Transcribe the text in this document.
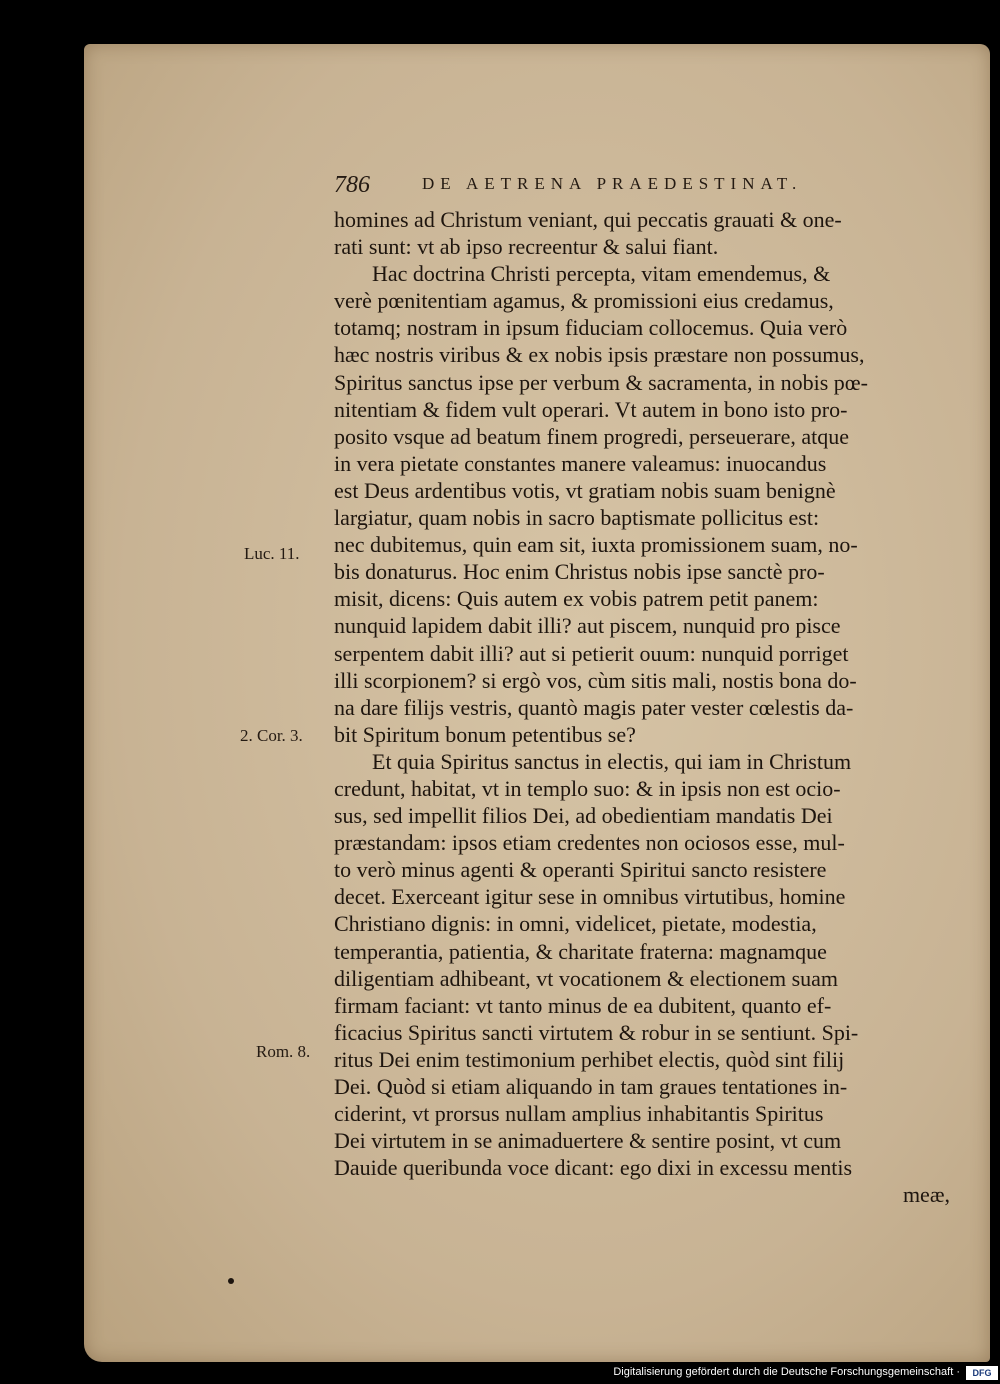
786	DE AETRENA PRAEDESTINAT.
Luc. 11.
2. Cor. 3.
Rom. 8.
homines ad Christum veniant, qui peccatis grauati & one-
rati sunt: vt ab ipso recreentur & salui fiant.
Hac doctrina Christi percepta, vitam emendemus, &
verè pœnitentiam agamus, & promissioni eius credamus,
totamq; nostram in ipsum fiduciam collocemus. Quia verò
hæc nostris viribus & ex nobis ipsis præstare non possumus,
Spiritus sanctus ipse per verbum & sacramenta, in nobis pœ-
nitentiam & fidem vult operari. Vt autem in bono isto pro-
posito vsque ad beatum finem progredi, perseuerare, atque
in vera pietate constantes manere valeamus: inuocandus
est Deus ardentibus votis, vt gratiam nobis suam benignè
largiatur, quam nobis in sacro baptismate pollicitus est:
nec dubitemus, quin eam sit, iuxta promissionem suam, no-
bis donaturus. Hoc enim Christus nobis ipse sanctè pro-
misit, dicens: Quis autem ex vobis patrem petit panem:
nunquid lapidem dabit illi? aut piscem, nunquid pro pisce
serpentem dabit illi? aut si petierit ouum: nunquid porriget
illi scorpionem? si ergò vos, cùm sitis mali, nostis bona do-
na dare filijs vestris, quantò magis pater vester cœlestis da-
bit Spiritum bonum petentibus se?
Et quia Spiritus sanctus in electis, qui iam in Christum
credunt, habitat, vt in templo suo: & in ipsis non est ocio-
sus, sed impellit filios Dei, ad obedientiam mandatis Dei
præstandam: ipsos etiam credentes non ociosos esse, mul-
to verò minus agenti & operanti Spiritui sancto resistere
decet. Exerceant igitur sese in omnibus virtutibus, homine
Christiano dignis: in omni, videlicet, pietate, modestia,
temperantia, patientia, & charitate fraterna: magnamque
diligentiam adhibeant, vt vocationem & electionem suam
firmam faciant: vt tanto minus de ea dubitent, quanto ef-
ficacius Spiritus sancti virtutem & robur in se sentiunt. Spi-
ritus Dei enim testimonium perhibet electis, quòd sint filij
Dei. Quòd si etiam aliquando in tam graues tentationes in-
ciderint, vt prorsus nullam amplius inhabitantis Spiritus
Dei virtutem in se animaduertere & sentire posint, vt cum
Dauide queribunda voce dicant: ego dixi in excessu mentis
meæ,
Digitalisierung gefördert durch die Deutsche Forschungsgemeinschaft ·	DFG
